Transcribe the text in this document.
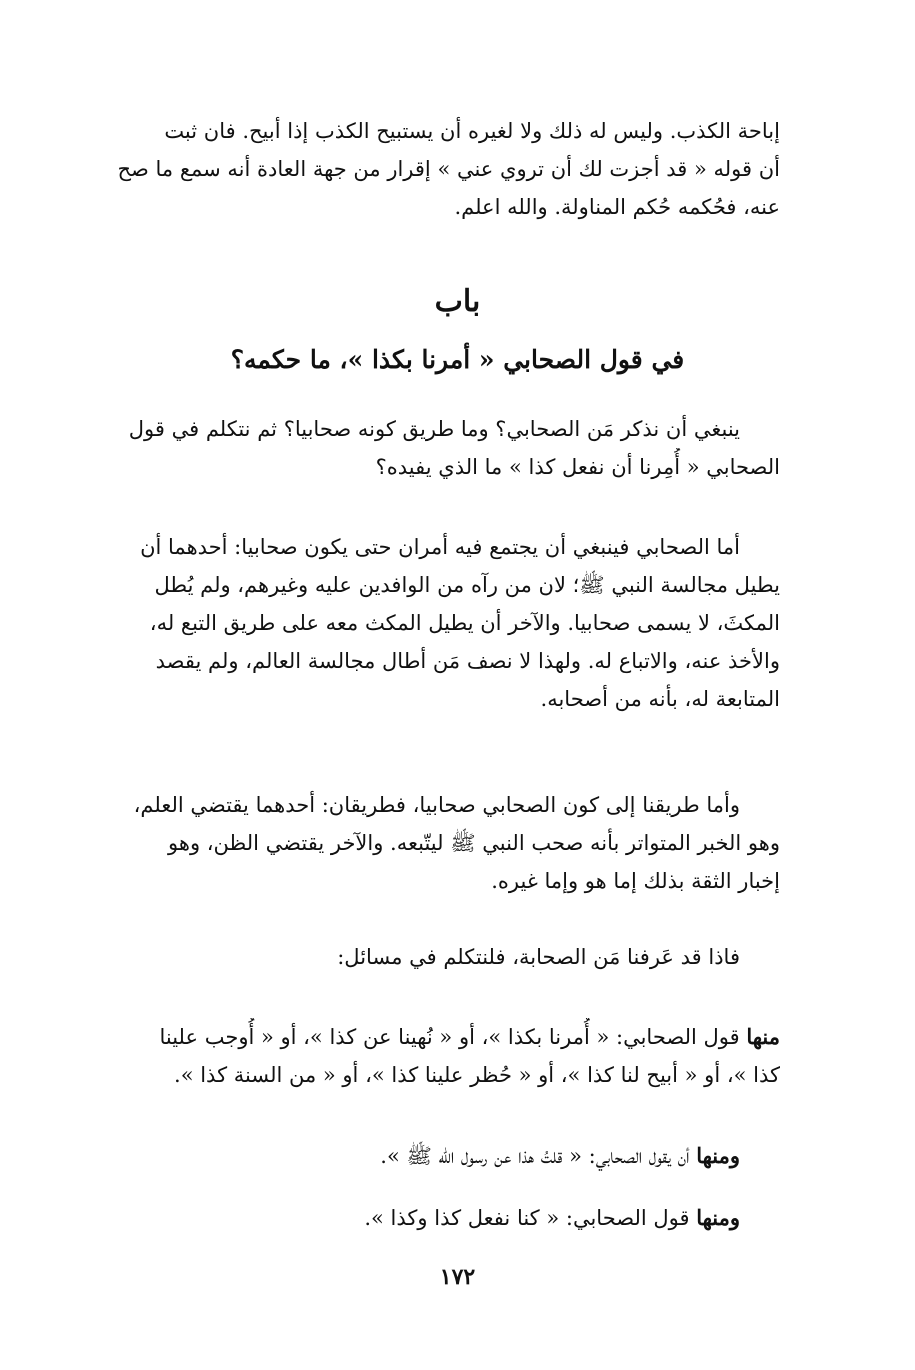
إباحة الكذب. وليس له ذلك ولا لغيره أن يستبيح الكذب إذا أبيح. فان ثبت
أن قوله « قد أجزت لك أن تروي عني » إقرار من جهة العادة أنه سمع ما صح
عنه، فحُكمه حُكم المناولة. والله اعلم.
باب
في قول الصحابي « أمرنا بكذا »، ما حكمه؟
ينبغي أن نذكر مَن الصحابي؟ وما طريق كونه صحابيا؟ ثم نتكلم في قول
الصحابي « أُمِرنا أن نفعل كذا » ما الذي يفيده؟
أما الصحابي فينبغي أن يجتمع فيه أمران حتى يكون صحابيا: أحدهما أن
يطيل مجالسة النبي ﷺ؛ لان من رآه من الوافدين عليه وغيرهم، ولم يُطل
المكثَ، لا يسمى صحابيا. والآخر أن يطيل المكث معه على طريق التبع له،
والأخذ عنه، والاتباع له. ولهذا لا نصف مَن أطال مجالسة العالم، ولم يقصد
المتابعة له، بأنه من أصحابه.
وأما طريقنا إلى كون الصحابي صحابيا، فطريقان: أحدهما يقتضي العلم،
وهو الخبر المتواتر بأنه صحب النبي ﷺ ليتّبعه. والآخر يقتضي الظن، وهو
إخبار الثقة بذلك إما هو وإما غيره.
فاذا قد عَرفنا مَن الصحابة، فلنتكلم في مسائل:
منها قول الصحابي: « أُمرنا بكذا »، أو « نُهينا عن كذا »، أو « أُوجب علينا
كذا »، أو « أبيح لنا كذا »، أو « حُظر علينا كذا »، أو « من السنة كذا ».
ومنها أن يقول الصحابي: « قلتُ هذا عن رسول الله ﷺ ».
ومنها قول الصحابي: « كنا نفعل كذا وكذا ».
١٧٢
